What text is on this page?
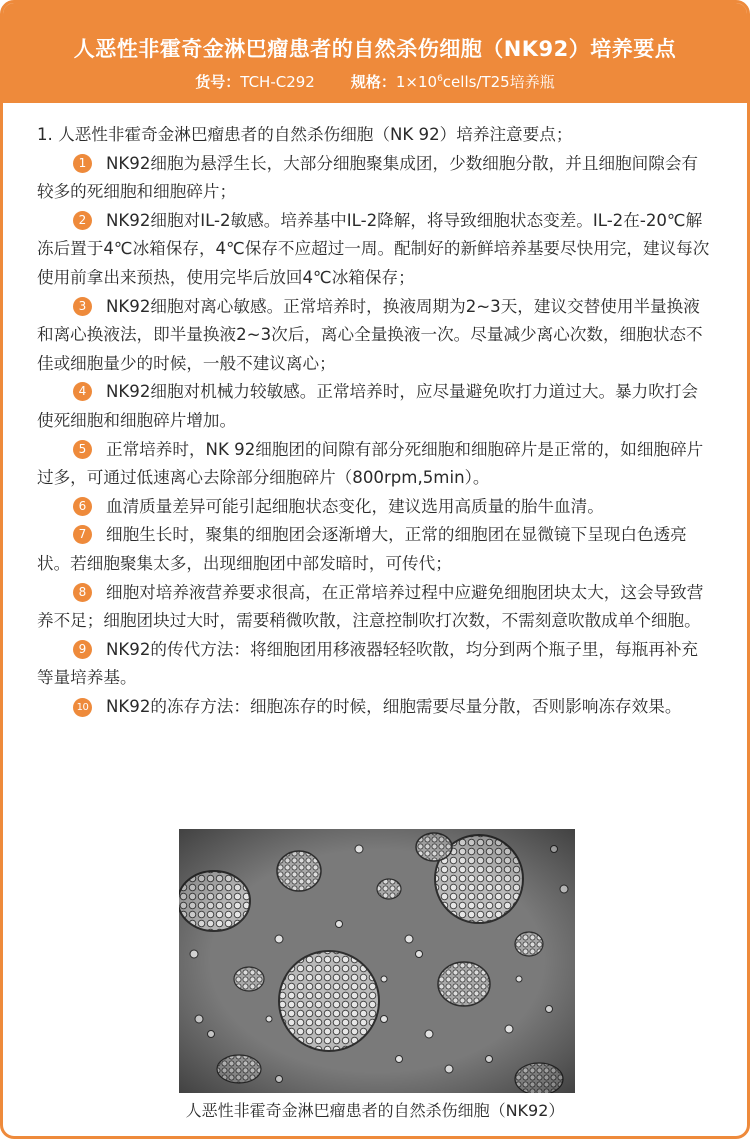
人恶性非霍奇金淋巴瘤患者的自然杀伤细胞（NK92）培养要点
货号：TCH-C292 规格：$1\times 10^6cells/T25$培养瓶

1. 人恶性非霍奇金淋巴瘤患者的自然杀伤细胞（NK 92）培养注意要点；

1 NK92细胞为悬浮生长，大部分细胞聚集成团，少数细胞分散，并且细胞间隙会有较多的死细胞和细胞碎片；

2 NK92细胞对IL-2敏感。培养基中IL-2降解，将导致细胞状态变差。IL-2在-20℃解冻后置于4℃冰箱保存，4℃保存不应超过一周。配制好的新鲜培养基要尽快用完，建议每次使用前拿出来预热，使用完毕后放回4℃冰箱保存；

3 NK92细胞对离心敏感。正常培养时，换液周期为2~3天，建议交替使用半量换液和离心换液法，即半量换液2~3次后，离心全量换液一次。尽量减少离心次数，细胞状态不佳或细胞量少的时候，一般不建议离心；

4 NK92细胞对机械力较敏感。正常培养时，应尽量避免吹打力道过大。暴力吹打会使死细胞和细胞碎片增加。

5 正常培养时，NK 92细胞团的间隙有部分死细胞和细胞碎片是正常的，如细胞碎片过多，可通过低速离心去除部分细胞碎片（800rpm,5min）。

6 血清质量差异可能引起细胞状态变化，建议选用高质量的胎牛血清。

7 细胞生长时，聚集的细胞团会逐渐增大，正常的细胞团在显微镜下呈现白色透亮状。若细胞聚集太多，出现细胞团中部发暗时，可传代；

8 细胞对培养液营养要求很高，在正常培养过程中应避免细胞团块太大，这会导致营养不足；细胞团块过大时，需要稍微吹散，注意控制吹打次数，不需刻意吹散成单个细胞。

9 NK92的传代方法：将细胞团用移液器轻轻吹散，均分到两个瓶子里，每瓶再补充等量培养基。

10 NK92的冻存方法：细胞冻存的时候，细胞需要尽量分散，否则影响冻存效果。

人恶性非霍奇金淋巴瘤患者的自然杀伤细胞（NK92）
